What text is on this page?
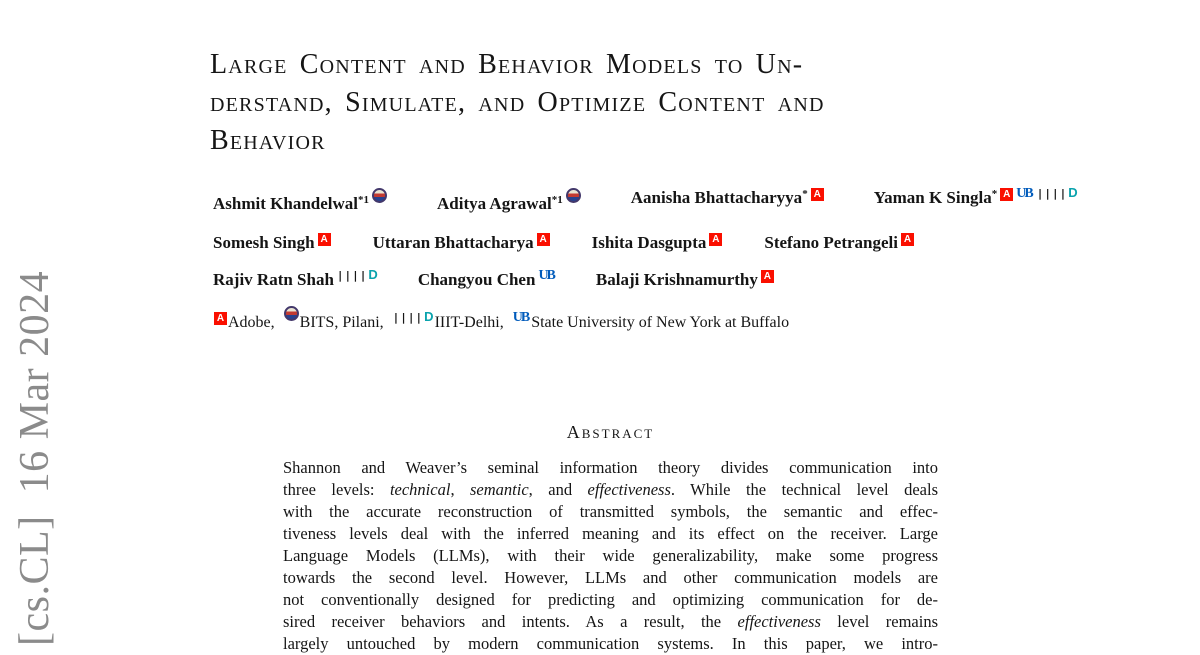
[cs.CL]  16 Mar 2024
Large Content and Behavior Models to Un-
derstand, Simulate, and Optimize Content and
Behavior
Ashmit Khandelwal$^{*1}$	Aditya Agrawal$^{*1}$	Aanisha Bhattacharyya* A	Yaman K Singla*AUB|||| D
Somesh Singh A	Uttaran Bhattacharya A	Ishita Dasgupta A	Stefano PetrangeliA
Rajiv Ratn Shah |||| D	Changyou Chen UB	Balaji KrishnamurthyA
AAdobe, BITS, Pilani, |||| D	IIIT-Delhi, UB State University of New York at Buffalo
Abstract
Shannon and Weaver’s seminal information theory divides communication into
three levels: technical, semantic, and effectiveness. While the technical level deals
with the accurate reconstruction of transmitted symbols, the semantic and effec-
tiveness levels deal with the inferred meaning and its effect on the receiver. Large
Language Models (LLMs), with their wide generalizability, make some progress
towards the second level. However, LLMs and other communication models are
not conventionally designed for predicting and optimizing communication for de-
sired receiver behaviors and intents. As a result, the effectiveness level remains
largely untouched by modern communication systems. In this paper, we intro-
